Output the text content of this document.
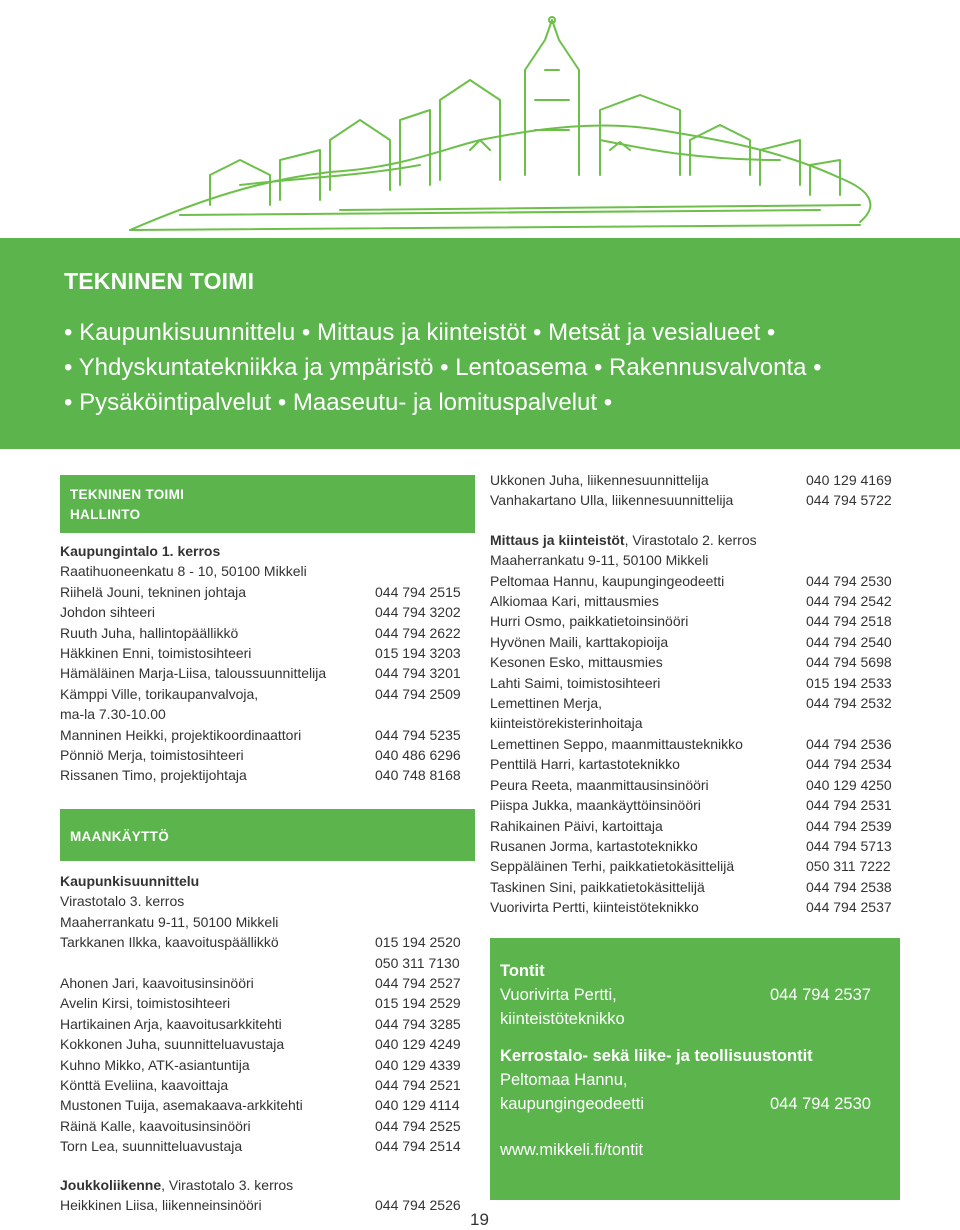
TEKNINEN TOIMI
• Kaupunkisuunnittelu • Mittaus ja kiinteistöt • Metsät ja vesialueet •
• Yhdyskuntatekniikka ja ympäristö • Lentoasema • Rakennusvalvonta •
• Pysäköintipalvelut • Maaseutu- ja lomituspalvelut •
TEKNINEN TOIMI
HALLINTO
Kaupungintalo 1. kerros
Raatihuoneenkatu 8 - 10, 50100 Mikkeli
Riihelä Jouni, tekninen johtaja	044 794 2515
Johdon sihteeri	044 794 3202
Ruuth Juha, hallintopäällikkö	044 794 2622
Häkkinen Enni, toimistosihteeri	015 194 3203
Hämäläinen Marja-Liisa, taloussuunnittelija	044 794 3201
Kämppi Ville, torikaupanvalvoja,	044 794 2509
ma-la 7.30-10.00
Manninen Heikki, projektikoordinaattori	044 794 5235
Pönniö Merja, toimistosihteeri	040 486 6296
Rissanen Timo, projektijohtaja	040 748 8168
MAANKÄYTTÖ
Kaupunkisuunnittelu
Virastotalo 3. kerros
Maaherrankatu 9-11, 50100 Mikkeli
Tarkkanen Ilkka, kaavoituspäällikkö	015 194 2520
050 311 7130
Ahonen Jari, kaavoitusinsinööri	044 794 2527
Avelin Kirsi, toimistosihteeri	015 194 2529
Hartikainen Arja, kaavoitusarkkitehti	044 794 3285
Kokkonen Juha, suunnitteluavustaja	040 129 4249
Kuhno Mikko, ATK-asiantuntija	040 129 4339
Könttä Eveliina, kaavoittaja	044 794 2521
Mustonen Tuija, asemakaava-arkkitehti	040 129 4114
Räinä Kalle, kaavoitusinsinööri	044 794 2525
Torn Lea, suunnitteluavustaja	044 794 2514
Joukkoliikenne, Virastotalo 3. kerros
Heikkinen Liisa, liikenneinsinööri	044 794 2526
Ukkonen Juha, liikennesuunnittelija	040 129 4169
Vanhakartano Ulla, liikennesuunnittelija	044 794 5722
Mittaus ja kiinteistöt, Virastotalo 2. kerros
Maaherrankatu 9-11, 50100 Mikkeli
Peltomaa Hannu, kaupungingeodeetti	044 794 2530
Alkiomaa Kari, mittausmies	044 794 2542
Hurri Osmo, paikkatietoinsinööri	044 794 2518
Hyvönen Maili, karttakopioija	044 794 2540
Kesonen Esko, mittausmies	044 794 5698
Lahti Saimi, toimistosihteeri	015 194 2533
Lemettinen Merja,	044 794 2532
kiinteistörekisterinhoitaja
Lemettinen Seppo, maanmittausteknikko	044 794 2536
Penttilä Harri, kartastoteknikko	044 794 2534
Peura Reeta, maanmittausinsinööri	040 129 4250
Piispa Jukka, maankäyttöinsinööri	044 794 2531
Rahikainen Päivi, kartoittaja	044 794 2539
Rusanen Jorma, kartastoteknikko	044 794 5713
Seppäläinen Terhi, paikkatietokäsittelijä	050 311 7222
Taskinen Sini, paikkatietokäsittelijä	044 794 2538
Vuorivirta Pertti, kiinteistöteknikko	044 794 2537
Tontit
Vuorivirta Pertti,	044 794 2537
kiinteistöteknikko
Kerrostalo- sekä liike- ja teollisuustontit
Peltomaa Hannu,
kaupungingeodeetti	044 794 2530
www.mikkeli.fi/tontit
19
